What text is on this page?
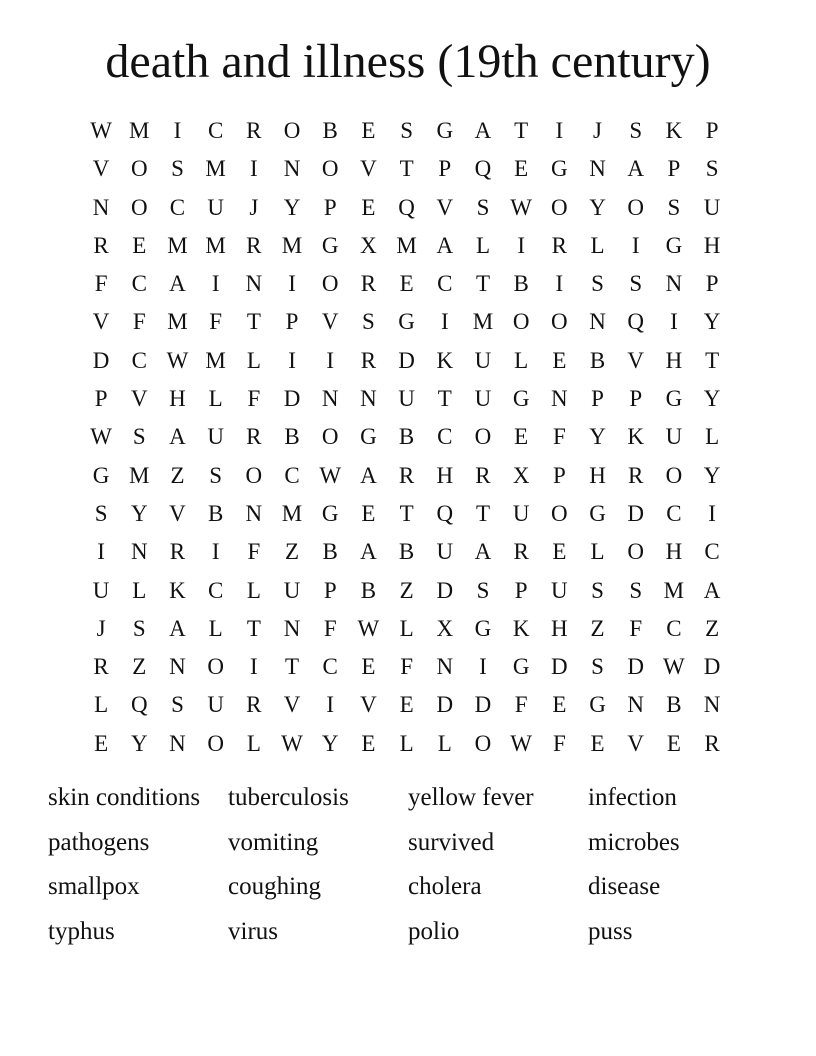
death and illness (19th century)
W M	I	C R O B	E	S	G A T	I	J	S	K	P
V O	S M	I	N O V T	P	Q E G N A	P	S
N O C U	J	Y	P	E Q V	S W O Y O	S	U
R	E M M R M G X M A L	I	R	L	I	G H
F	C A	I	N	I	O R	E	C	T	B	I	S	S	N	P
V	F M F	T	P	V	S	G	I	M O O N Q	I	Y
D C W M L	I	I	R D K U L	E	B V H T
P	V H L	F	D N N U T U G N	P	P	G Y
W S	A U R B O G B C O E	F	Y K U L
G M Z	S	O C W A R H R X	P	H R O Y
S	Y V B N M G E	T Q T U O G D C	I
I	N R	I	F	Z	B A B U A R	E	L O H C
U L K C	L U	P	B	Z D	S	P	U	S	S M A
J	S	A L	T N	F W L X G K H Z	F	C	Z
R	Z N O	I	T	C	E	F	N	I	G D	S	D W D
L Q	S	U R V	I	V E D D	F	E G N B N
E Y N O L W Y E	L	L O W F	E V E	R
skin conditions	tuberculosis	yellow fever	infection
pathogens	vomiting	survived	microbes
smallpox	coughing	cholera	disease
typhus	virus	polio	puss
